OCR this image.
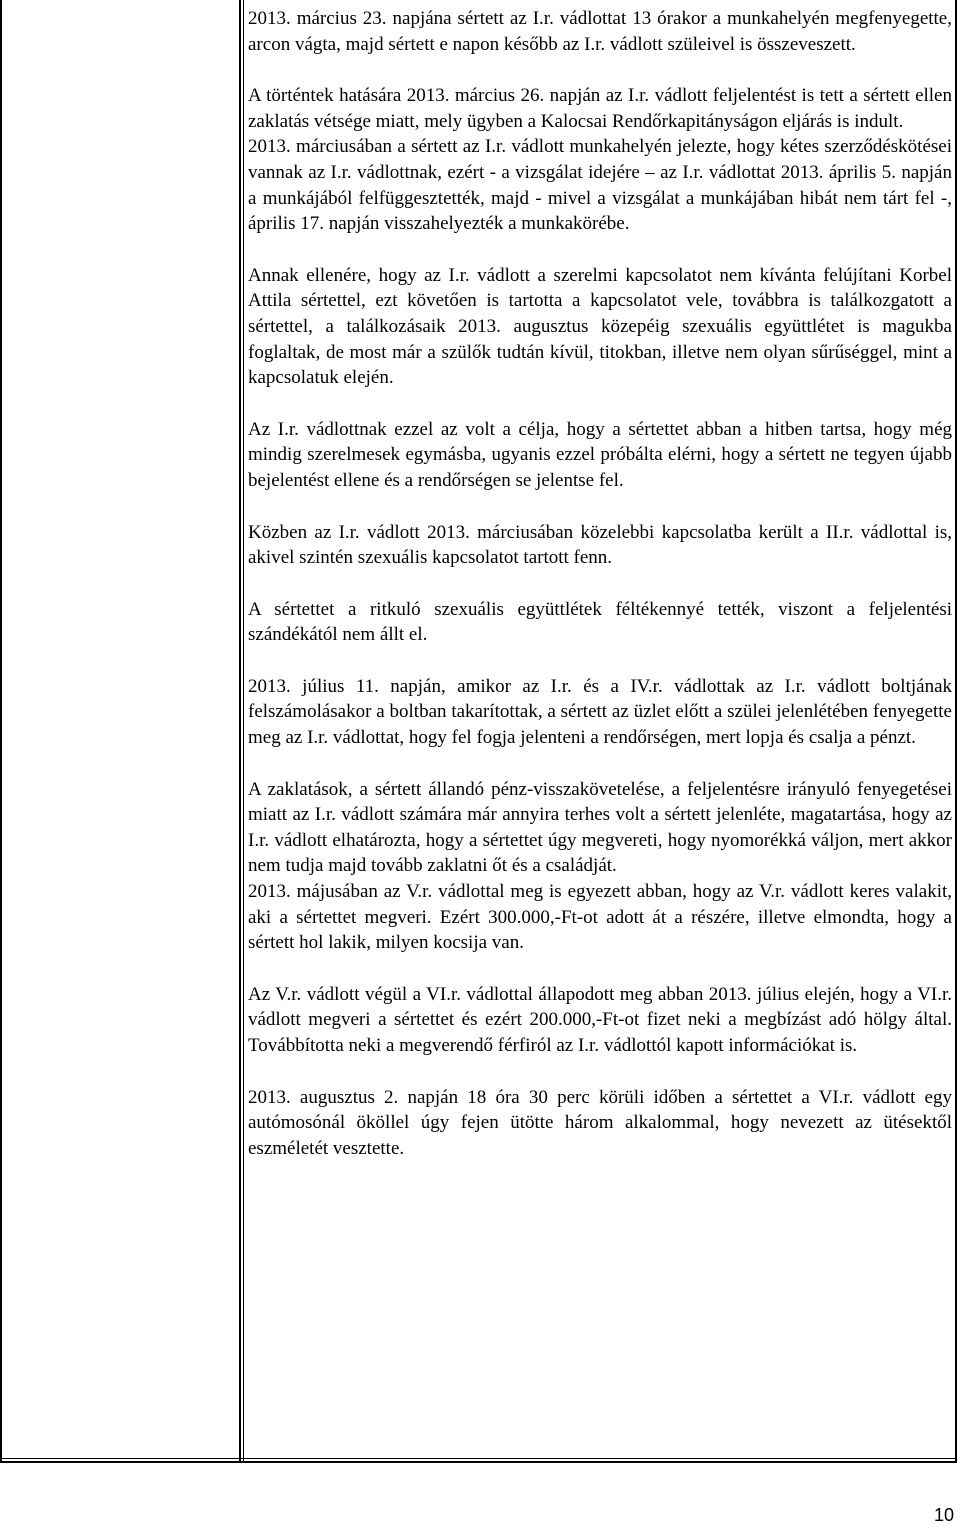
2013. március 23. napjána sértett az I.r. vádlottat 13 órakor a munkahelyén megfenyegette, arcon vágta, majd sértett e napon később az I.r. vádlott szüleivel is összeveszett.

A történtek hatására 2013. március 26. napján az I.r. vádlott feljelentést is tett a sértett ellen zaklatás vétsége miatt, mely ügyben a Kalocsai Rendőrkapitányságon eljárás is indult.

2013. márciusában a sértett az I.r. vádlott munkahelyén jelezte, hogy kétes szerződéskötései vannak az I.r. vádlottnak, ezért - a vizsgálat idejére – az I.r. vádlottat 2013. április 5. napján a munkájából felfüggesztették, majd - mivel a vizsgálat a munkájában hibát nem tárt fel -, április 17. napján visszahelyezték a munkakörébe.

Annak ellenére, hogy az I.r. vádlott a szerelmi kapcsolatot nem kívánta felújítani Korbel Attila sértettel, ezt követően is tartotta a kapcsolatot vele, továbbra is találkozgatott a sértettel, a találkozásaik 2013. augusztus közepéig szexuális együttlétet is magukba foglaltak, de most már a szülők tudtán kívül, titokban, illetve nem olyan sűrűséggel, mint a kapcsolatuk elején.

Az I.r. vádlottnak ezzel az volt a célja, hogy a sértettet abban a hitben tartsa, hogy még mindig szerelmesek egymásba, ugyanis ezzel próbálta elérni, hogy a sértett ne tegyen újabb bejelentést ellene és a rendőrségen se jelentse fel.

Közben az I.r. vádlott 2013. márciusában közelebbi kapcsolatba került a II.r. vádlottal is, akivel szintén szexuális kapcsolatot tartott fenn.

A sértettet a ritkuló szexuális együttlétek féltékennyé tették, viszont a feljelentési szándékától nem állt el.

2013. július 11. napján, amikor az I.r. és a IV.r. vádlottak az I.r. vádlott boltjának felszámolásakor a boltban takarítottak, a sértett az üzlet előtt a szülei jelenlétében fenyegette meg az I.r. vádlottat, hogy fel fogja jelenteni a rendőrségen, mert lopja és csalja a pénzt.

A zaklatások, a sértett állandó pénz-visszakövetelése, a feljelentésre irányuló fenyegetései miatt az I.r. vádlott számára már annyira terhes volt a sértett jelenléte, magatartása, hogy az I.r. vádlott elhatározta, hogy a sértettet úgy megvereti, hogy nyomorékká váljon, mert akkor nem tudja majd tovább zaklatni őt és a családját.

2013. májusában az V.r. vádlottal meg is egyezett abban, hogy az V.r. vádlott keres valakit, aki a sértettet megveri. Ezért 300.000,-Ft-ot adott át a részére, illetve elmondta, hogy a sértett hol lakik, milyen kocsija van.

Az V.r. vádlott végül a VI.r. vádlottal állapodott meg abban 2013. július elején, hogy a VI.r. vádlott megveri a sértettet és ezért 200.000,-Ft-ot fizet neki a megbízást adó hölgy által. Továbbította neki a megverendő férfiról az I.r. vádlottól kapott információkat is.

2013. augusztus 2. napján 18 óra 30 perc körüli időben a sértettet a VI.r. vádlott egy autómosónál ököllel úgy fejen ütötte három alkalommal, hogy nevezett az ütésektől eszméletét vesztette.

10
